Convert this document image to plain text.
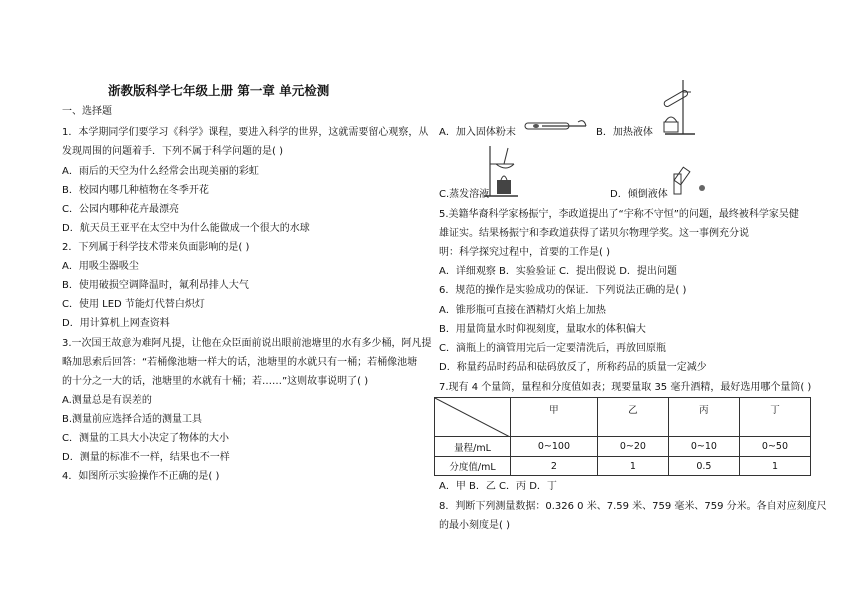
浙教版科学七年级上册 第一章 单元检测
一、选择题
1．本学期同学们要学习《科学》课程，要进入科学的世界，这就需要留心观察，从
发现周围的问题着手．下列不属于科学问题的是( )
A．雨后的天空为什么经常会出现美丽的彩虹
B．校园内哪几种植物在冬季开花
C．公园内哪种花卉最漂亮
D．航天员王亚平在太空中为什么能做成一个很大的水球
2．下列属于科学技术带来负面影响的是( )
A．用吸尘器吸尘
B．使用破损空调降温时，氟利昂排人大气
C．使用 LED 节能灯代替白炽灯
D．用计算机上网查资料
3.一次国王故意为难阿凡提，让他在众臣面前说出眼前池塘里的水有多少桶，阿凡提
略加思索后回答：“若桶像池塘一样大的话，池塘里的水就只有一桶；若桶像池塘
的十分之一大的话，池塘里的水就有十桶；若……”这则故事说明了( )
A.测量总是有误差的
B.测量前应选择合适的测量工具
C．测量的工具大小决定了物体的大小
D．测量的标准不一样，结果也不一样
4．如图所示实验操作不正确的是( )
A．加入固体粉末	B．加热液体
C.蒸发溶液	D．倾倒液体
5.美籍华裔科学家杨振宁，李政道提出了“宇称不守恒”的问题，最终被科学家吴健
雄证实。结果杨振宁和李政道获得了诺贝尔物理学奖。这一事例充分说
明：科学探究过程中，首要的工作是( )
A．详细观察 B．实验验证 C．提出假说 D．提出问题
6．规范的操作是实验成功的保证．下列说法正确的是( )
A．锥形瓶可直接在酒精灯火焰上加热
B．用量筒量水时仰视刻度，量取水的体积偏大
C．滴瓶上的滴管用完后一定要清洗后，再放回原瓶
D．称量药品时药品和砝码放反了，所称药品的质量一定减少
7.现有 4 个量筒，量程和分度值如表；现要量取 35 毫升酒精，最好选用哪个量筒( )
	甲	乙	丙	丁
量程/mL	0~100	0~20	0~10	0~50
分度值/mL	2	1	0.5	1
A．甲 B．乙 C．丙 D．丁
8．判断下列测量数据：0.326 0 米、7.59 米、759 毫米、759 分米。各自对应刻度尺
的最小刻度是( )
